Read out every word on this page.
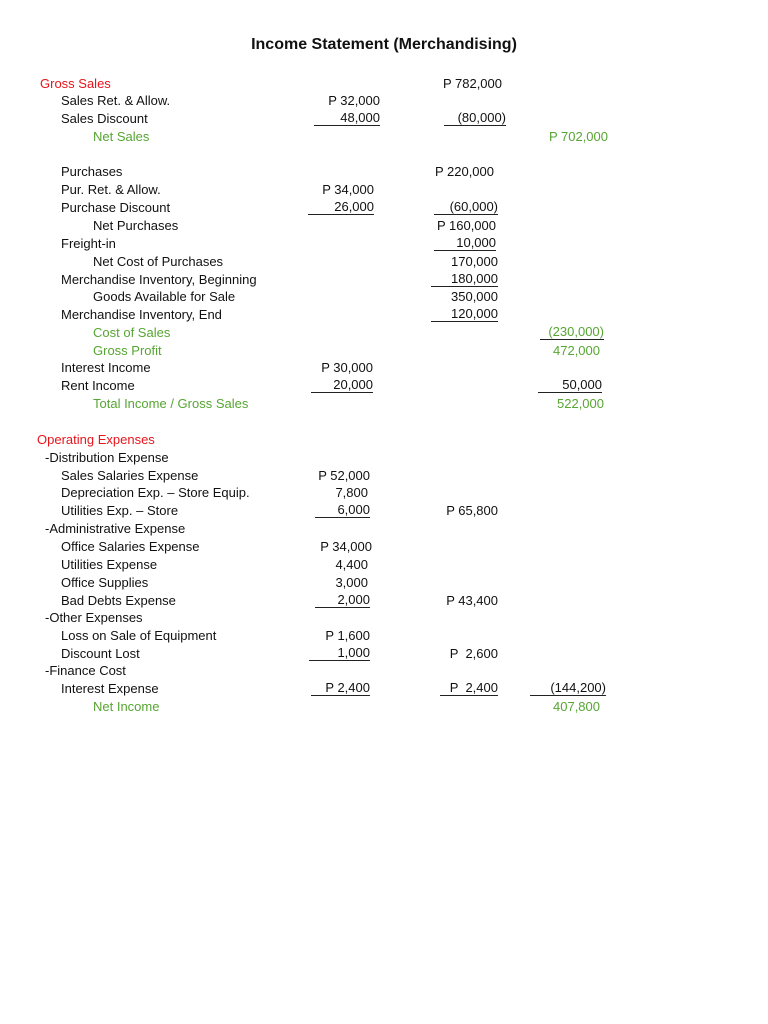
Income Statement (Merchandising)
Gross Sales	P 782,000
Sales Ret. & Allow.	P 32,000
Sales Discount	48,000	(80,000)
Net Sales	P 702,000
Purchases	P 220,000
Pur. Ret. & Allow.	P 34,000
Purchase Discount	26,000	(60,000)
Net Purchases	P 160,000
Freight-in	10,000
Net Cost of Purchases	170,000
Merchandise Inventory, Beginning	180,000
Goods Available for Sale	350,000
Merchandise Inventory, End	120,000
Cost of Sales	(230,000)
Gross Profit	472,000
Interest Income	P 30,000
Rent Income	20,000	50,000
Total Income / Gross Sales	522,000
Operating Expenses
-Distribution Expense
Sales Salaries Expense	P 52,000
Depreciation Exp. – Store Equip.	7,800
Utilities Exp. – Store	6,000	P 65,800
-Administrative Expense
Office Salaries Expense	P 34,000
Utilities Expense	4,400
Office Supplies	3,000
Bad Debts Expense	2,000	P 43,400
-Other Expenses
Loss on Sale of Equipment	P 1,600
Discount Lost	1,000	P  2,600
-Finance Cost
Interest Expense	P 2,400	P  2,400	(144,200)
Net Income	407,800
